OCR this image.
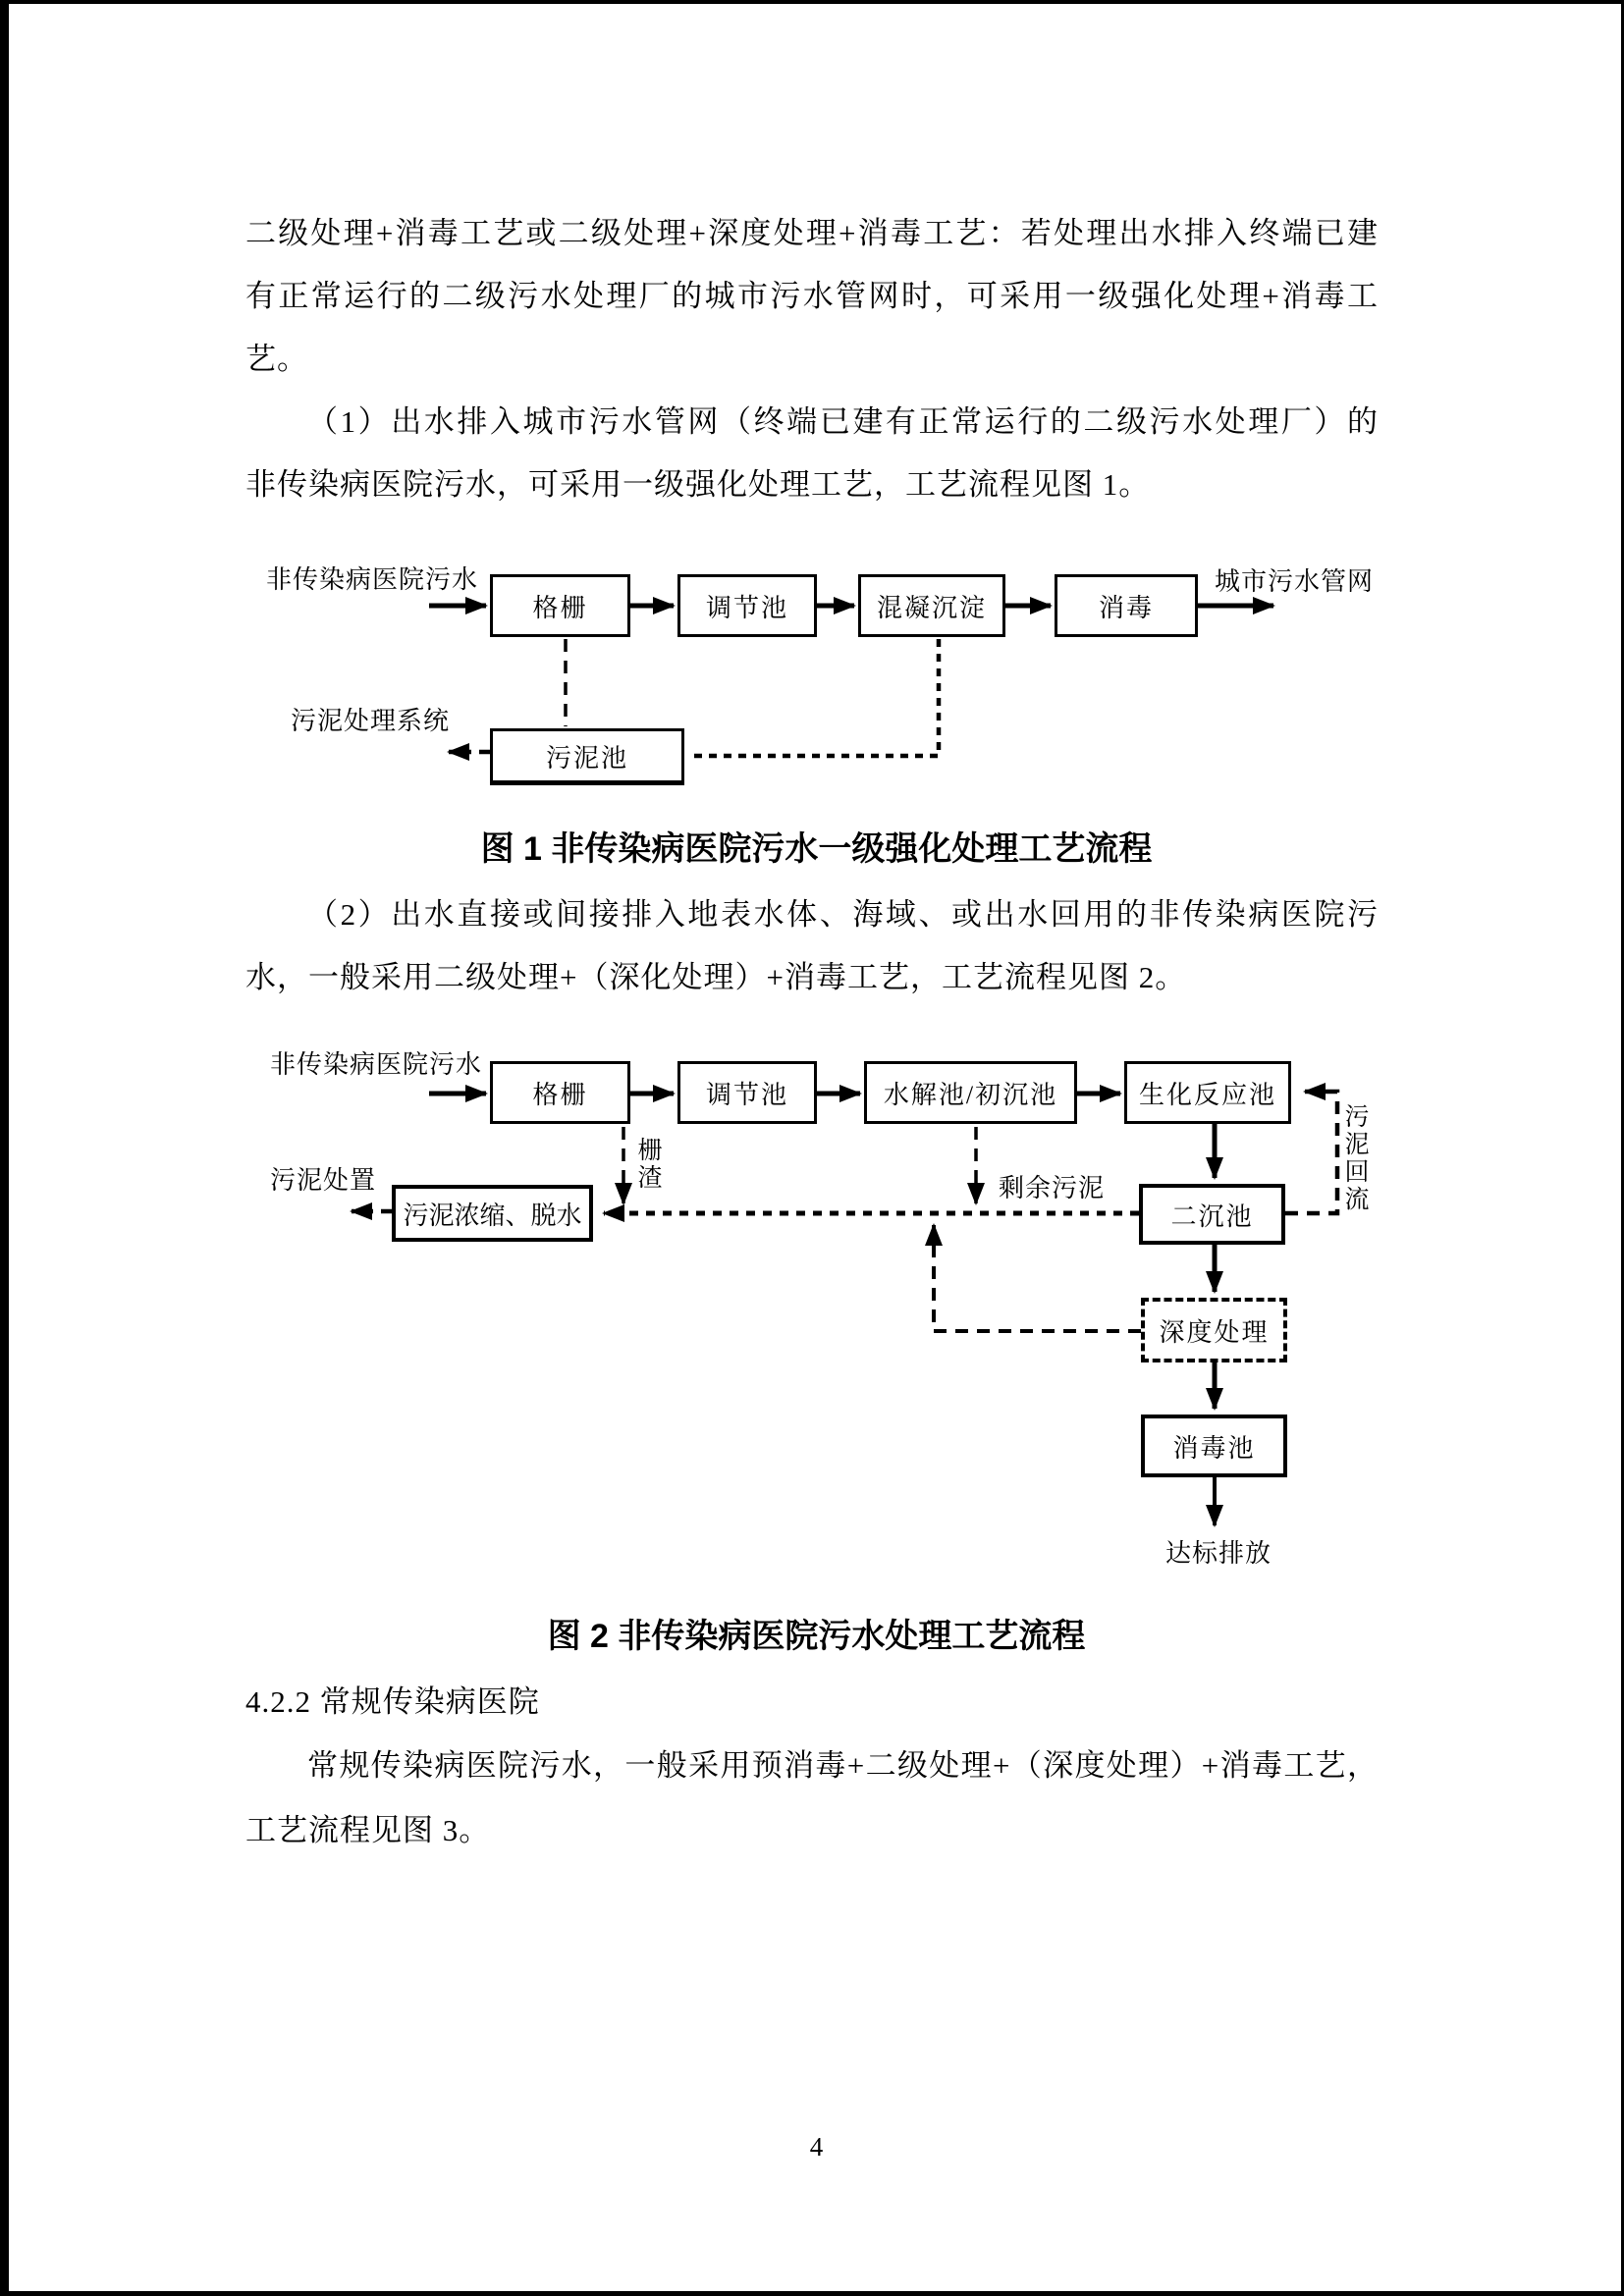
二级处理+消毒工艺或二级处理+深度处理+消毒工艺：若处理出水排入终端已建
有正常运行的二级污水处理厂的城市污水管网时，可采用一级强化处理+消毒工
艺。
（1）出水排入城市污水管网（终端已建有正常运行的二级污水处理厂）的
非传染病医院污水，可采用一级强化处理工艺，工艺流程见图 1。
图 1 非传染病医院污水一级强化处理工艺流程
（2）出水直接或间接排入地表水体、海域、或出水回用的非传染病医院污
水，一般采用二级处理+（深化处理）+消毒工艺，工艺流程见图 2。
图 2 非传染病医院污水处理工艺流程
4.2.2 常规传染病医院
常规传染病医院污水，一般采用预消毒+二级处理+（深度处理）+消毒工艺，
工艺流程见图 3。
4
非传染病医院污水	城市污水管网
污泥处理系统
格栅	调节池	混凝沉淀	消毒
污泥池
非传染病医院污水
污泥处置	剩余污泥
达标排放
栅渣	污泥回流
格栅	调节池	水解池/初沉池	生化反应池
二沉池
污泥浓缩、脱水
深度处理
消毒池
